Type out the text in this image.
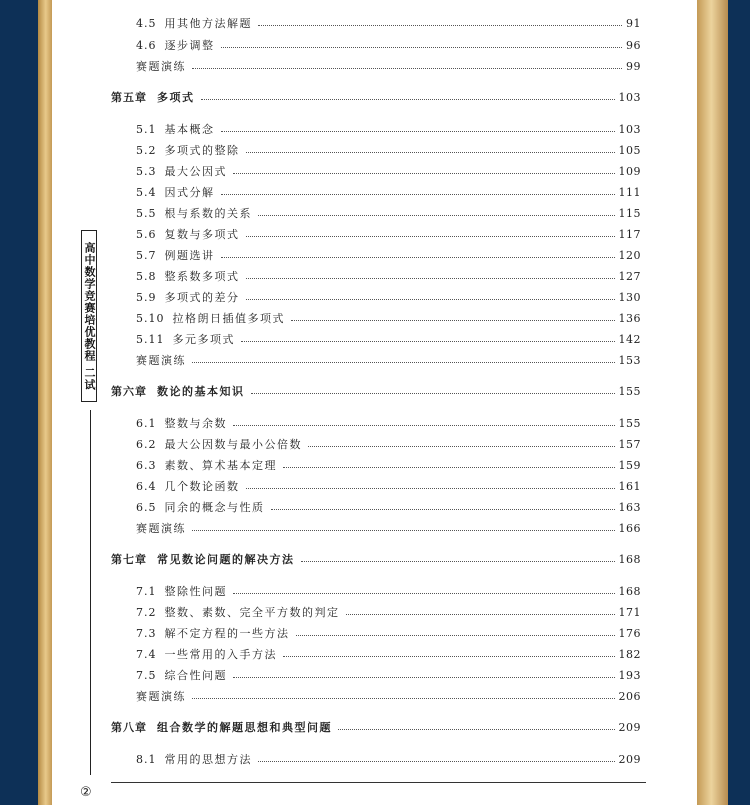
4.5 用其他方法解题	91
4.6 逐步调整	96
赛题演练	99
第五章 多项式	103
5.1 基本概念	103
5.2 多项式的整除	105
5.3 最大公因式	109
5.4 因式分解	111
5.5 根与系数的关系	115
5.6 复数与多项式	117
5.7 例题选讲	120
5.8 整系数多项式	127
5.9 多项式的差分	130
5.10 拉格朗日插值多项式	136
5.11 多元多项式	142
赛题演练	153
第六章 数论的基本知识	155
6.1 整数与余数	155
6.2 最大公因数与最小公倍数	157
6.3 素数、算术基本定理	159
6.4 几个数论函数	161
6.5 同余的概念与性质	163
赛题演练	166
第七章 常见数论问题的解决方法	168
7.1 整除性问题	168
7.2 整数、素数、完全平方数的判定	171
7.3 解不定方程的一些方法	176
7.4 一些常用的入手方法	182
7.5 综合性问题	193
赛题演练	206
第八章 组合数学的解题思想和典型问题	209
8.1 常用的思想方法	209
高中数学竞赛培优教程 二试
②
